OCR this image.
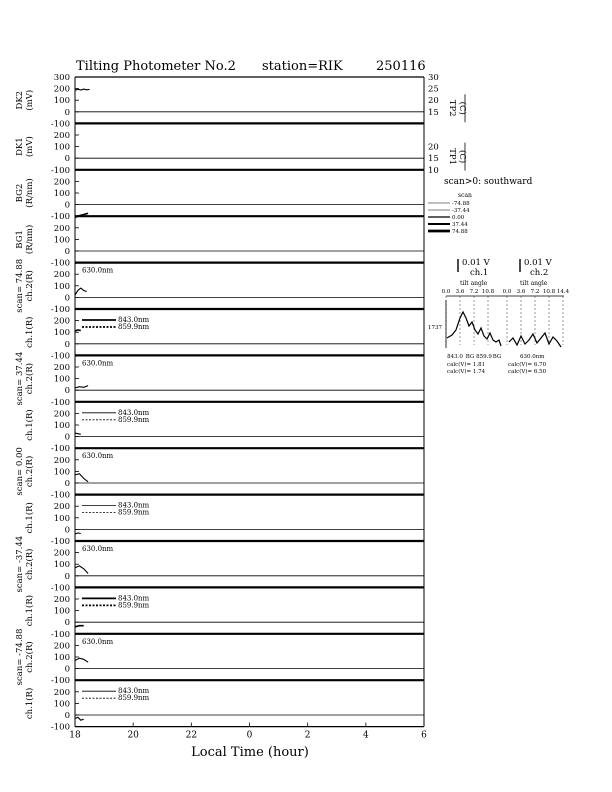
Tilting Photometer No.2 station=RIK	250116
300
200
100
0
-100
DK2 (mV)
200
100
0
-100
DK1 (mV)
200
100
0
-100
BG2 (R/nm)
200
100
0
-100
BG1 (R/nm)
200
100
0
-100
scan= 74.88 ch.2(R)	630.0nm
200
100
0
-100
ch.1(R)	843.0nm
859.9nm
200
100
0
-100
scan= 37.44 ch.2(R)	630.0nm
200
100
0
-100
ch.1(R)	843.0nm
859.9nm
200
100
0
-100
scan= 0.00 ch.2(R)	630.0nm
200
100
0
-100
ch.1(R)	843.0nm
859.9nm
200
100
0
-100
scan= -37.44 ch.2(R)	630.0nm
200
100
0
-100
ch.1(R)	843.0nm
859.9nm
200
100
0
-100
scan= -74.88 ch.2(R)	630.0nm
200
100
0
-100
ch.1(R)	843.0nm
859.9nm
30
25
20
15
20
15
10
TP2 (C)
TP1 (C)
Local Time (hour)
18	20	22	0	2	4	6
scan>0: southward
scan
-74.88
-37.44
0.00
37.44
74.88
0.01 V
ch.1
0.01 V
ch.2
tilt angle	tilt angle
0.0 3.6 7.2 10.8 0.0 3.6 7.2 10.8 14.4
1737
843.0 BG 859.9 BG	630.0nm
calc(V)= 1.81
calc(V)= 1.74
calc(V)= 6.70
calc(V)= 6.50
